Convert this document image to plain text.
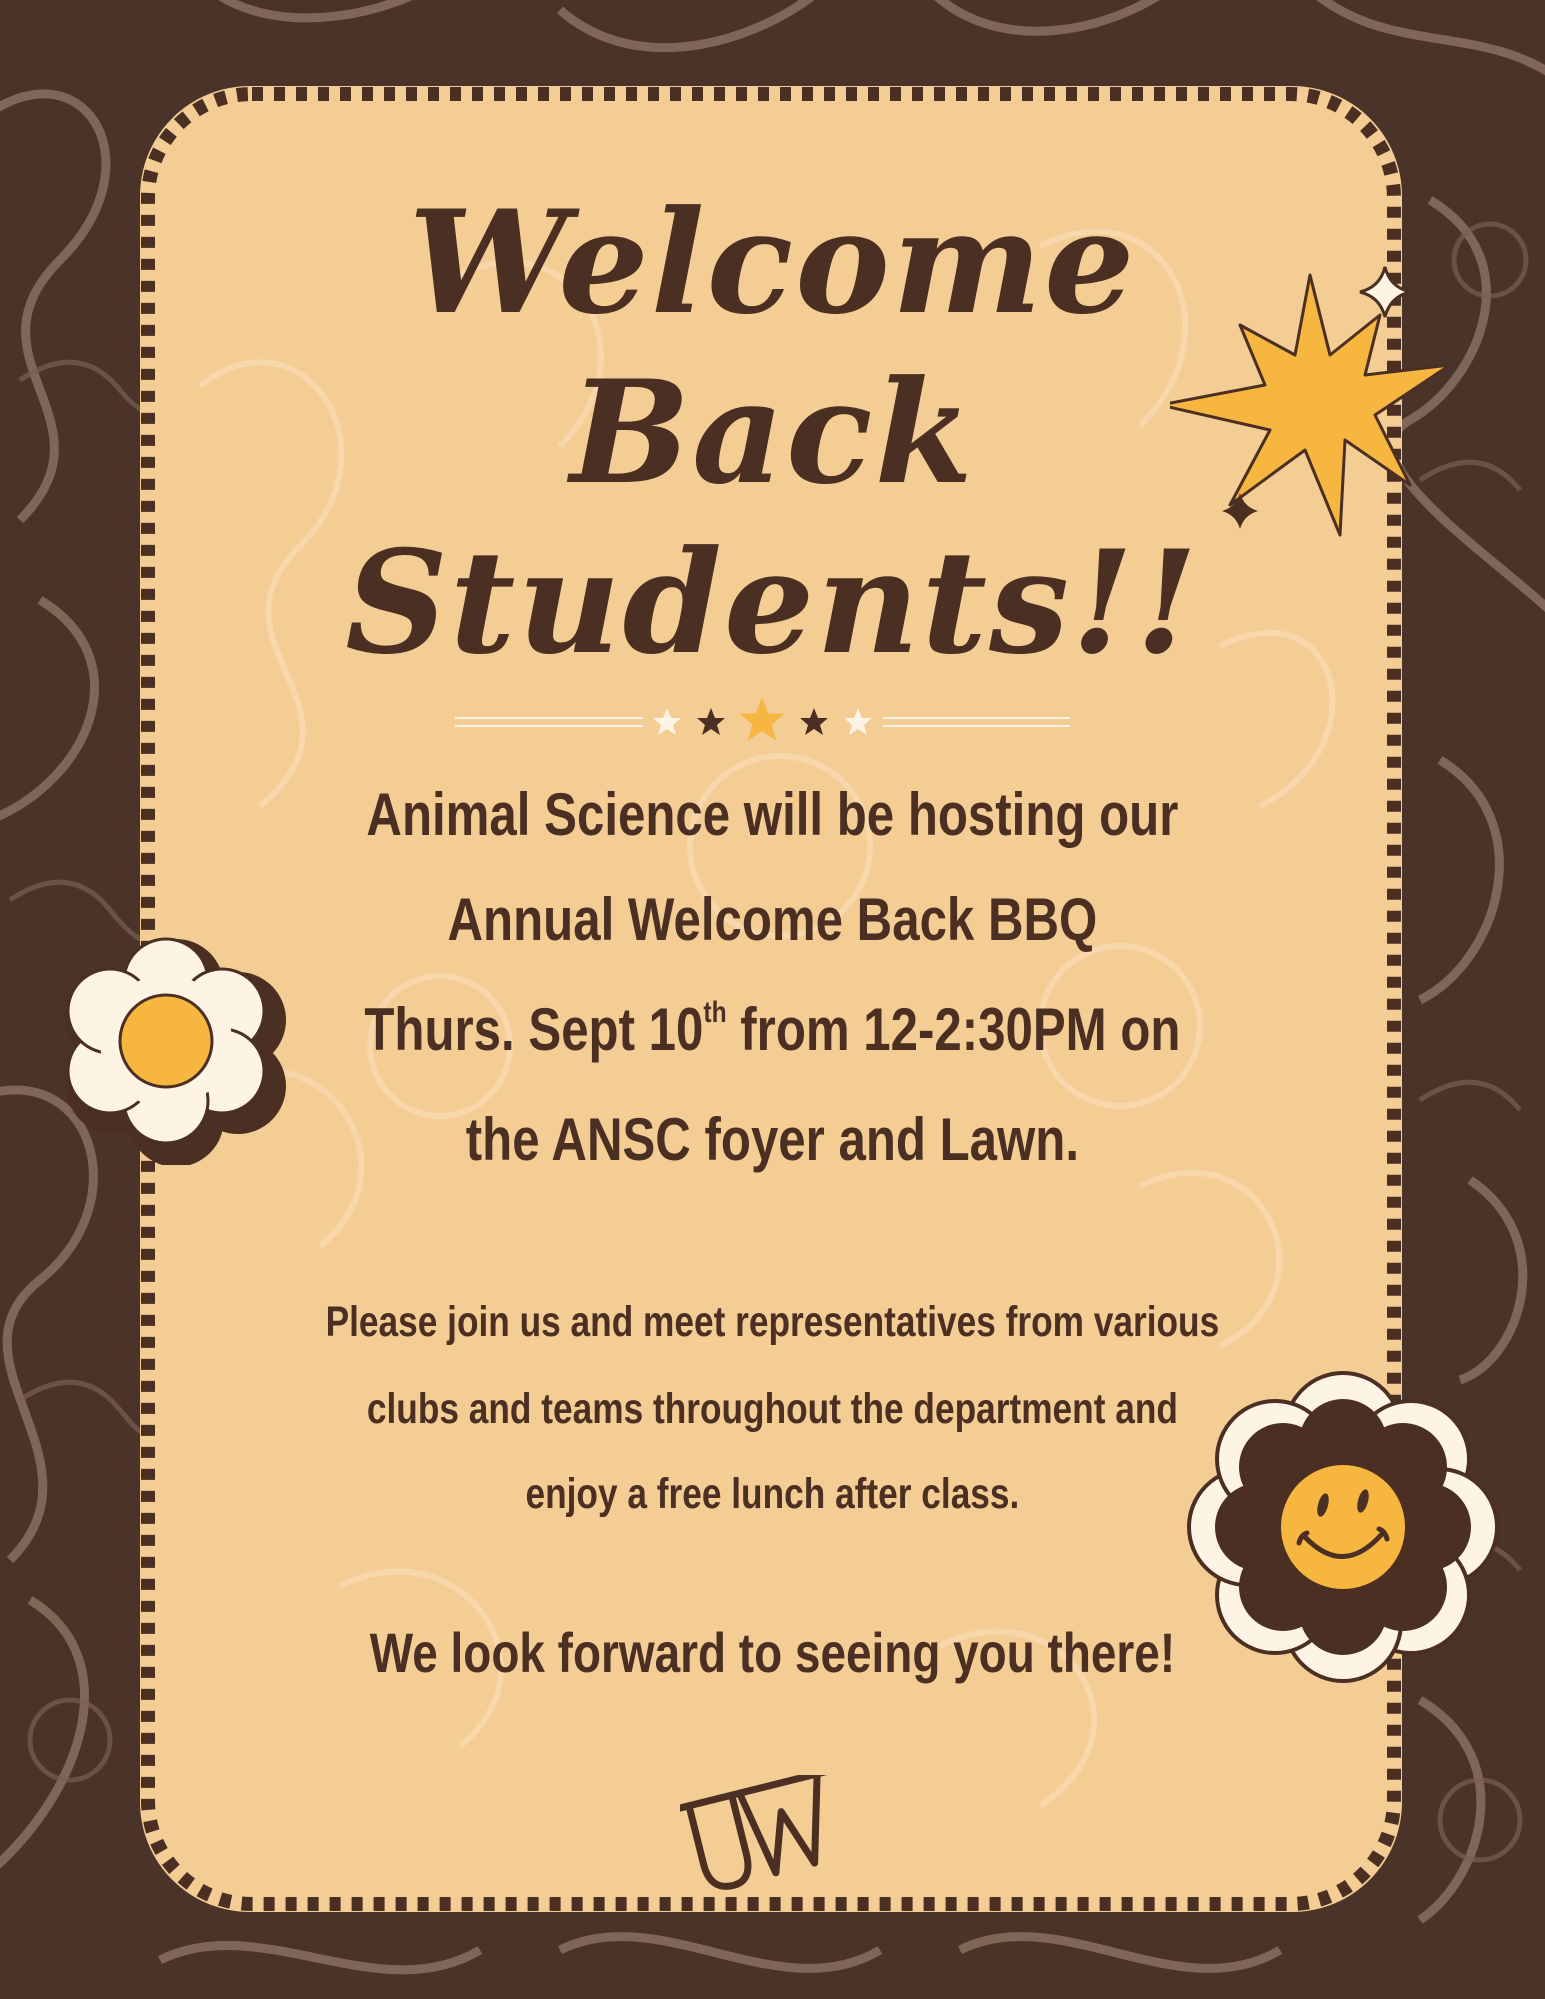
Welcome
Back
Students!!
Animal Science will be hosting our
Annual Welcome Back BBQ
Thurs. Sept 10th from 12-2:30PM on
the ANSC foyer and Lawn.
Please join us and meet representatives from various
clubs and teams throughout the department and
enjoy a free lunch after class.
We look forward to seeing you there!
